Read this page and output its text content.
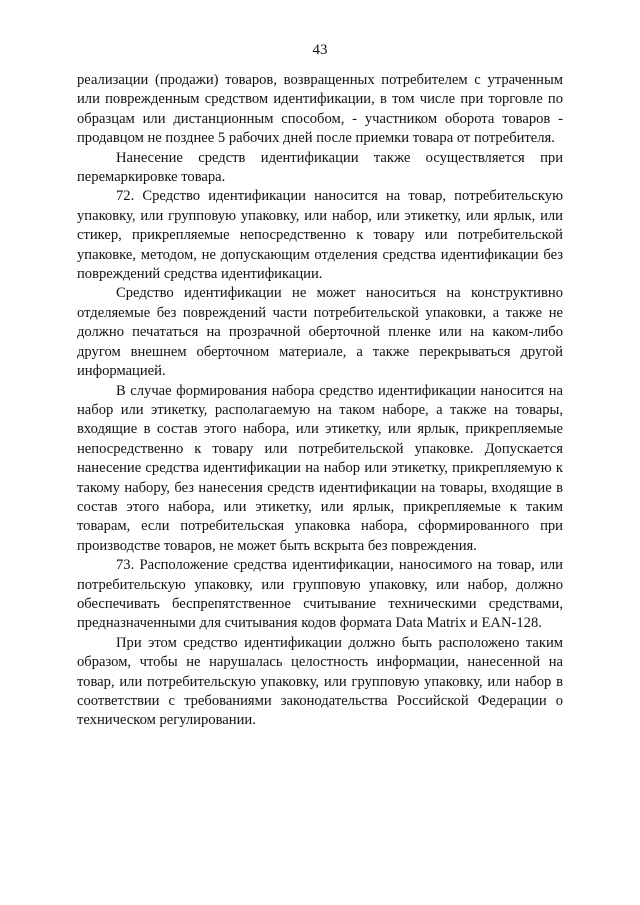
43

реализации (продажи) товаров, возвращенных потребителем с утраченным или поврежденным средством идентификации, в том числе при торговле по образцам или дистанционным способом, - участником оборота товаров - продавцом не позднее 5 рабочих дней после приемки товара от потребителя.

Нанесение средств идентификации также осуществляется при перемаркировке товара.

72. Средство идентификации наносится на товар, потребительскую упаковку, или групповую упаковку, или набор, или этикетку, или ярлык, или стикер, прикрепляемые непосредственно к товару или потребительской упаковке, методом, не допускающим отделения средства идентификации без повреждений средства идентификации.

Средство идентификации не может наноситься на конструктивно отделяемые без повреждений части потребительской упаковки, а также не должно печататься на прозрачной оберточной пленке или на каком-либо другом внешнем оберточном материале, а также перекрываться другой информацией.

В случае формирования набора средство идентификации наносится на набор или этикетку, располагаемую на таком наборе, а также на товары, входящие в состав этого набора, или этикетку, или ярлык, прикрепляемые непосредственно к товару или потребительской упаковке. Допускается нанесение средства идентификации на набор или этикетку, прикрепляемую к такому набору, без нанесения средств идентификации на товары, входящие в состав этого набора, или этикетку, или ярлык, прикрепляемые к таким товарам, если потребительская упаковка набора, сформированного при производстве товаров, не может быть вскрыта без повреждения.

73. Расположение средства идентификации, наносимого на товар, или потребительскую упаковку, или групповую упаковку, или набор, должно обеспечивать беспрепятственное считывание техническими средствами, предназначенными для считывания кодов формата Data Matrix и EAN-128.

При этом средство идентификации должно быть расположено таким образом, чтобы не нарушалась целостность информации, нанесенной на товар, или потребительскую упаковку, или групповую упаковку, или набор в соответствии с требованиями законодательства Российской Федерации о техническом регулировании.
